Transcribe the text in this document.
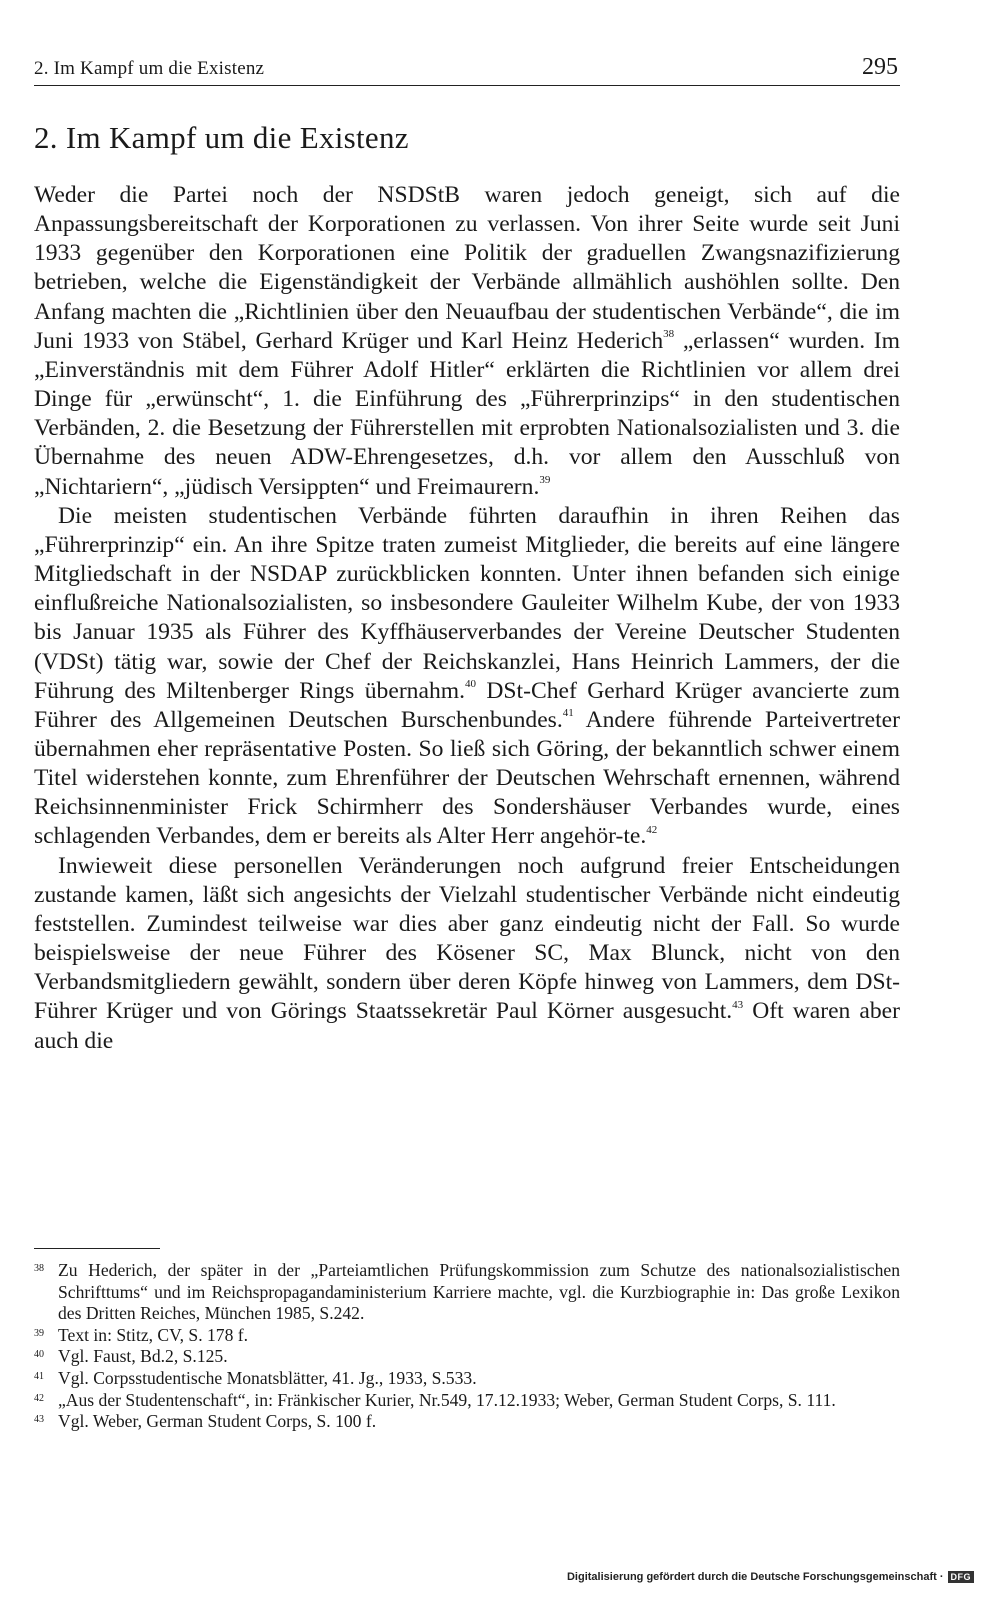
2. Im Kampf um die Existenz	295
2. Im Kampf um die Existenz

Weder die Partei noch der NSDStB waren jedoch geneigt, sich auf die Anpassungsbereitschaft der Korporationen zu verlassen. Von ihrer Seite wurde seit Juni 1933 gegenüber den Korporationen eine Politik der graduellen Zwangsnazifizierung betrieben, welche die Eigenständigkeit der Verbände allmählich aushöhlen sollte. Den Anfang machten die „Richtlinien über den Neuaufbau der studentischen Verbände“, die im Juni 1933 von Stäbel, Gerhard Krüger und Karl Heinz Hederich$^{38}$ „erlassen“ wurden. Im „Einverständnis mit dem Führer Adolf Hitler“ erklärten die Richtlinien vor allem drei Dinge für „erwünscht“, 1. die Einführung des „Führerprinzips“ in den studentischen Verbänden, 2. die Besetzung der Führerstellen mit erprobten Nationalsozialisten und 3. die Übernahme des neuen ADW-Ehrengesetzes, d.h. vor allem den Ausschluß von „Nichtariern“, „jüdisch Versippten“ und Freimaurern.$^{39}$

Die meisten studentischen Verbände führten daraufhin in ihren Reihen das „Führerprinzip“ ein. An ihre Spitze traten zumeist Mitglieder, die bereits auf eine längere Mitgliedschaft in der NSDAP zurückblicken konnten. Unter ihnen befanden sich einige einflußreiche Nationalsozialisten, so insbesondere Gauleiter Wilhelm Kube, der von 1933 bis Januar 1935 als Führer des Kyffhäuserverbandes der Vereine Deutscher Studenten (VDSt) tätig war, sowie der Chef der Reichskanzlei, Hans Heinrich Lammers, der die Führung des Miltenberger Rings übernahm.$^{40}$ DSt-Chef Gerhard Krüger avancierte zum Führer des Allgemeinen Deutschen Burschenbundes.$^{41}$ Andere führende Parteivertreter übernahmen eher repräsentative Posten. So ließ sich Göring, der bekanntlich schwer einem Titel widerstehen konnte, zum Ehrenführer der Deutschen Wehrschaft ernennen, während Reichsinnenminister Frick Schirmherr des Sondershäuser Verbandes wurde, eines schlagenden Verbandes, dem er bereits als Alter Herr angehör-te.$^{42}$

Inwieweit diese personellen Veränderungen noch aufgrund freier Entscheidungen zustande kamen, läßt sich angesichts der Vielzahl studentischer Verbände nicht eindeutig feststellen. Zumindest teilweise war dies aber ganz eindeutig nicht der Fall. So wurde beispielsweise der neue Führer des Kösener SC, Max Blunck, nicht von den Verbandsmitgliedern gewählt, sondern über deren Köpfe hinweg von Lammers, dem DSt-Führer Krüger und von Görings Staatssekretär Paul Körner ausgesucht.$^{43}$ Oft waren aber auch die

38 Zu Hederich, der später in der „Parteiamtlichen Prüfungskommission zum Schutze des nationalsozialistischen Schrifttums“ und im Reichspropagandaministerium Karriere machte, vgl. die Kurzbiographie in: Das große Lexikon des Dritten Reiches, München 1985, S.242.
39 Text in: Stitz, CV, S. 178 f.
40 Vgl. Faust, Bd.2, S.125.
41 Vgl. Corpsstudentische Monatsblätter, 41. Jg., 1933, S.533.
42 „Aus der Studentenschaft“, in: Fränkischer Kurier, Nr.549, 17.12.1933; Weber, German Student Corps, S. 111.
43 Vgl. Weber, German Student Corps, S. 100 f.
Digitalisierung gefördert durch die Deutsche Forschungsgemeinschaft · DFG
